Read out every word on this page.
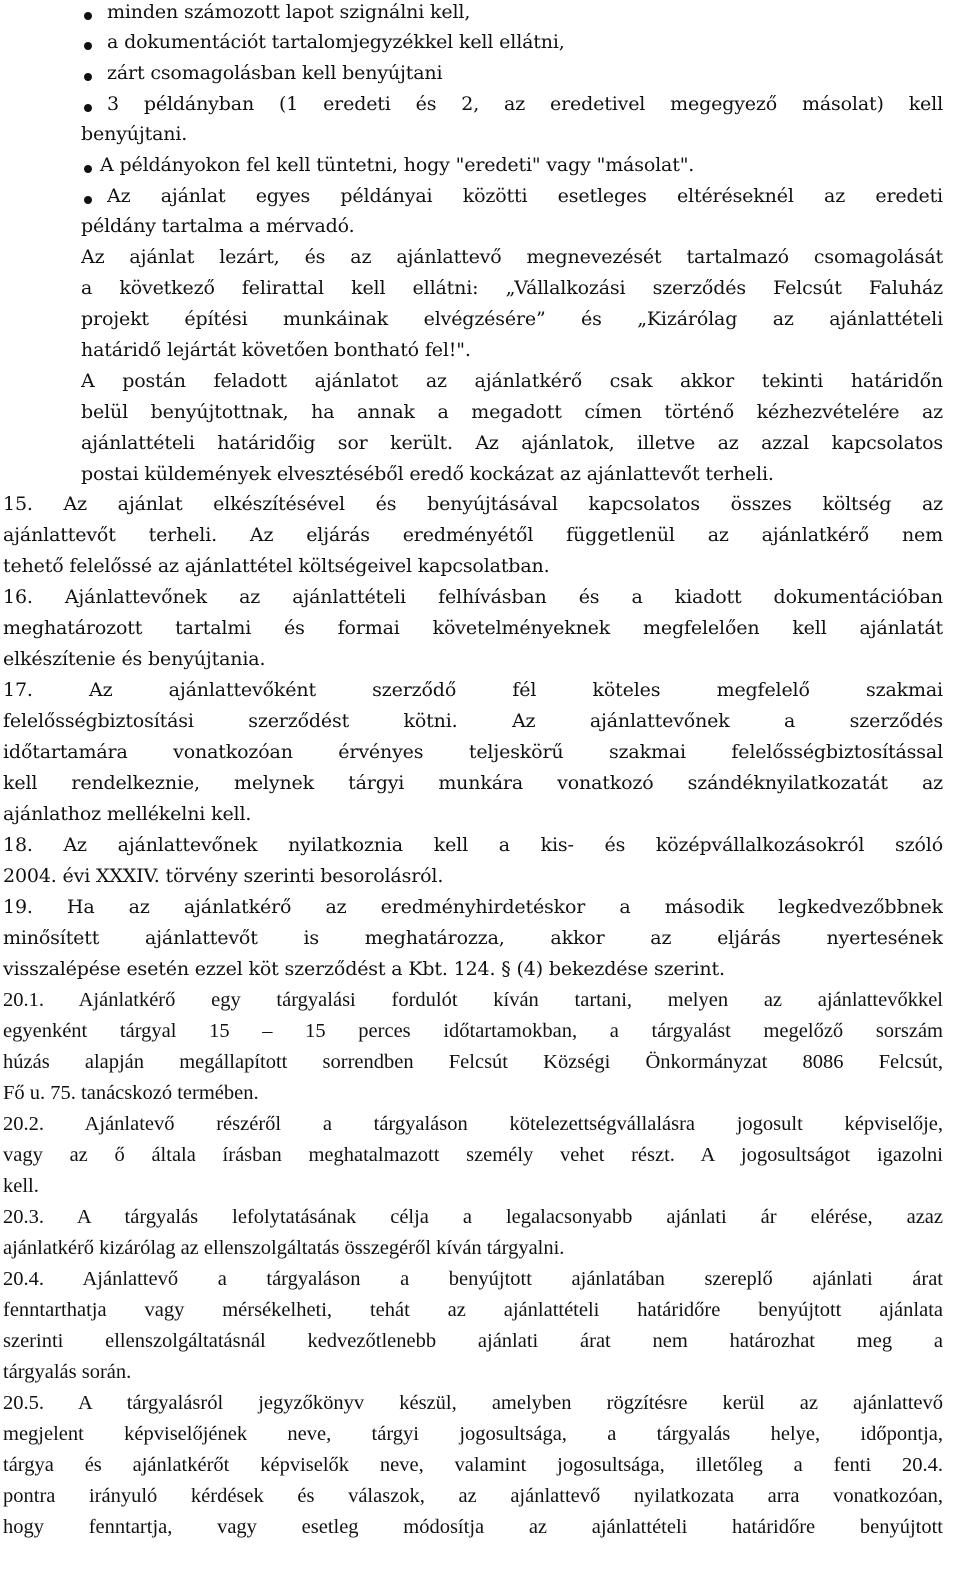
minden számozott lapot szignálni kell,
a dokumentációt tartalomjegyzékkel kell ellátni,
zárt csomagolásban kell benyújtani
3 példányban (1 eredeti és 2, az eredetivel megegyező másolat) kell
benyújtani.
A példányokon fel kell tüntetni, hogy "eredeti" vagy "másolat".
Az ajánlat egyes példányai közötti esetleges eltéréseknél az eredeti
példány tartalma a mérvadó.
Az ajánlat lezárt, és az ajánlattevő megnevezését tartalmazó csomagolását
a következő felirattal kell ellátni: „Vállalkozási szerződés Felcsút Faluház
projekt építési munkáinak elvégzésére” és „Kizárólag az ajánlattételi
határidő lejártát követően bontható fel!".
A postán feladott ajánlatot az ajánlatkérő csak akkor tekinti határidőn
belül benyújtottnak, ha annak a megadott címen történő kézhezvételére az
ajánlattételi határidőig sor került. Az ajánlatok, illetve az azzal kapcsolatos
postai küldemények elvesztéséből eredő kockázat az ajánlattevőt terheli.
15. Az ajánlat elkészítésével és benyújtásával kapcsolatos összes költség az
ajánlattevőt terheli. Az eljárás eredményétől függetlenül az ajánlatkérő nem
tehető felelőssé az ajánlattétel költségeivel kapcsolatban.
16. Ajánlattevőnek az ajánlattételi felhívásban és a kiadott dokumentációban
meghatározott tartalmi és formai követelményeknek megfelelően kell ajánlatát
elkészítenie és benyújtania.
17. Az ajánlattevőként szerződő fél köteles megfelelő szakmai
felelősségbiztosítási szerződést kötni. Az ajánlattevőnek a szerződés
időtartamára vonatkozóan érvényes teljeskörű szakmai felelősségbiztosítással
kell rendelkeznie, melynek tárgyi munkára vonatkozó szándéknyilatkozatát az
ajánlathoz mellékelni kell.
18. Az ajánlattevőnek nyilatkoznia kell a kis- és középvállalkozásokról szóló
2004. évi XXXIV. törvény szerinti besorolásról.
19. Ha az ajánlatkérő az eredményhirdetéskor a második legkedvezőbbnek
minősített ajánlattevőt is meghatározza, akkor az eljárás nyertesének
visszalépése esetén ezzel köt szerződést a Kbt. 124. § (4) bekezdése szerint.
20.1. Ajánlatkérő egy tárgyalási fordulót kíván tartani, melyen az ajánlattevőkkel
egyenként tárgyal 15 – 15 perces időtartamokban, a tárgyalást megelőző sorszám
húzás alapján megállapított sorrendben Felcsút Községi Önkormányzat 8086 Felcsút,
Fő u. 75. tanácskozó termében.
20.2. Ajánlatevő részéről a tárgyaláson kötelezettségvállalásra jogosult képviselője,
vagy az ő általa írásban meghatalmazott személy vehet részt. A jogosultságot igazolni
kell.
20.3. A tárgyalás lefolytatásának célja a legalacsonyabb ajánlati ár elérése, azaz
ajánlatkérő kizárólag az ellenszolgáltatás összegéről kíván tárgyalni.
20.4. Ajánlattevő a tárgyaláson a benyújtott ajánlatában szereplő ajánlati árat
fenntarthatja vagy mérsékelheti, tehát az ajánlattételi határidőre benyújtott ajánlata
szerinti ellenszolgáltatásnál kedvezőtlenebb ajánlati árat nem határozhat meg a
tárgyalás során.
20.5. A tárgyalásról jegyzőkönyv készül, amelyben rögzítésre kerül az ajánlattevő
megjelent képviselőjének neve, tárgyi jogosultsága, a tárgyalás helye, időpontja,
tárgya és ajánlatkérőt képviselők neve, valamint jogosultsága, illetőleg a fenti 20.4.
pontra irányuló kérdések és válaszok, az ajánlattevő nyilatkozata arra vonatkozóan,
hogy fenntartja, vagy esetleg módosítja az ajánlattételi határidőre benyújtott
